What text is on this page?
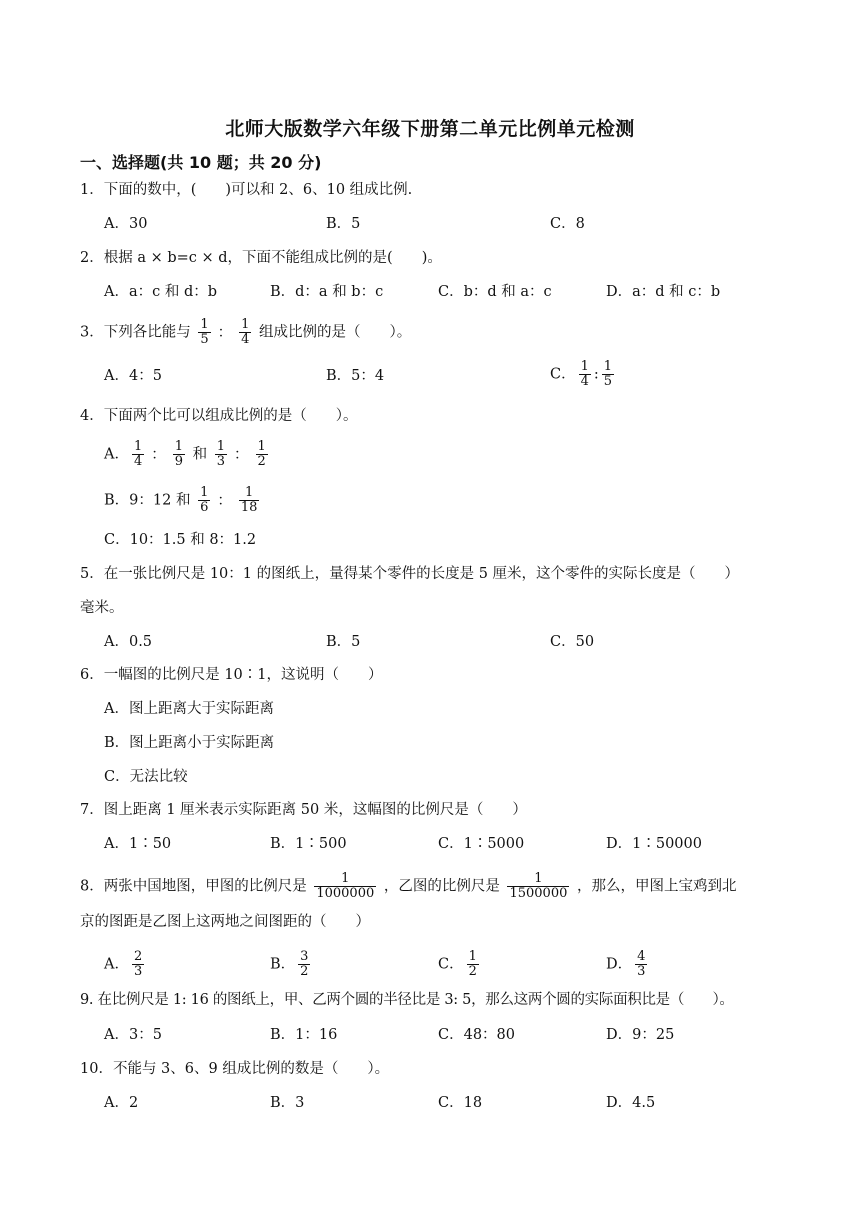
北师大版数学六年级下册第二单元比例单元检测
一、选择题(共 10 题；共 20 分)
1．下面的数中，(　　)可以和 2、6、10 组成比例.
A．30	B．5	C．8
2．根据 a × b=c × d，下面不能组成比例的是(　　)。
A．a：c 和 d：b	B．d：a 和 b：c	C．b：d 和 a：c	D．a：d 和 c：b
3．下列各比能与 $\frac{1}{5}$ ： $\frac{1}{4}$ 组成比例的是（　　）。
A．4：5	B．5：4	C． $\frac{1}{4}$ : $\frac{1}{5}$
4．下面两个比可以组成比例的是（　　）。
A． $\frac{1}{4}$ ： $\frac{1}{9}$ 和 $\frac{1}{3}$ ： $\frac{1}{2}$
B．9：12 和 $\frac{1}{6}$ ： $\frac{1}{18}$
C．10：1.5 和 8：1.2
5．在一张比例尺是 10：1 的图纸上，量得某个零件的长度是 5 厘米，这个零件的实际长度是（　　）
毫米。
A．0.5	B．5	C．50
6．一幅图的比例尺是 10∶1，这说明（　　）
A．图上距离大于实际距离
B．图上距离小于实际距离
C．无法比较
7．图上距离 1 厘米表示实际距离 50 米，这幅图的比例尺是（　　）
A．1∶50	B．1∶500	C．1∶5000	D．1∶50000
8．两张中国地图，甲图的比例尺是 $\frac{1}{1000000}$ ，乙图的比例尺是 $\frac{1}{1500000}$ ，那么，甲图上宝鸡到北
京的图距是乙图上这两地之间图距的（　　）
A． $\frac{2}{3}$	B． $\frac{3}{2}$	C． $\frac{1}{2}$	D． $\frac{4}{3}$
9. 在比例尺是 1: 16 的图纸上，甲、乙两个圆的半径比是 3: 5，那么这两个圆的实际面积比是（　　）。
A．3：5	B．1：16	C．48：80	D．9：25
10．不能与 3、6、9 组成比例的数是（　　）。
A．2	B．3	C．18	D．4.5
